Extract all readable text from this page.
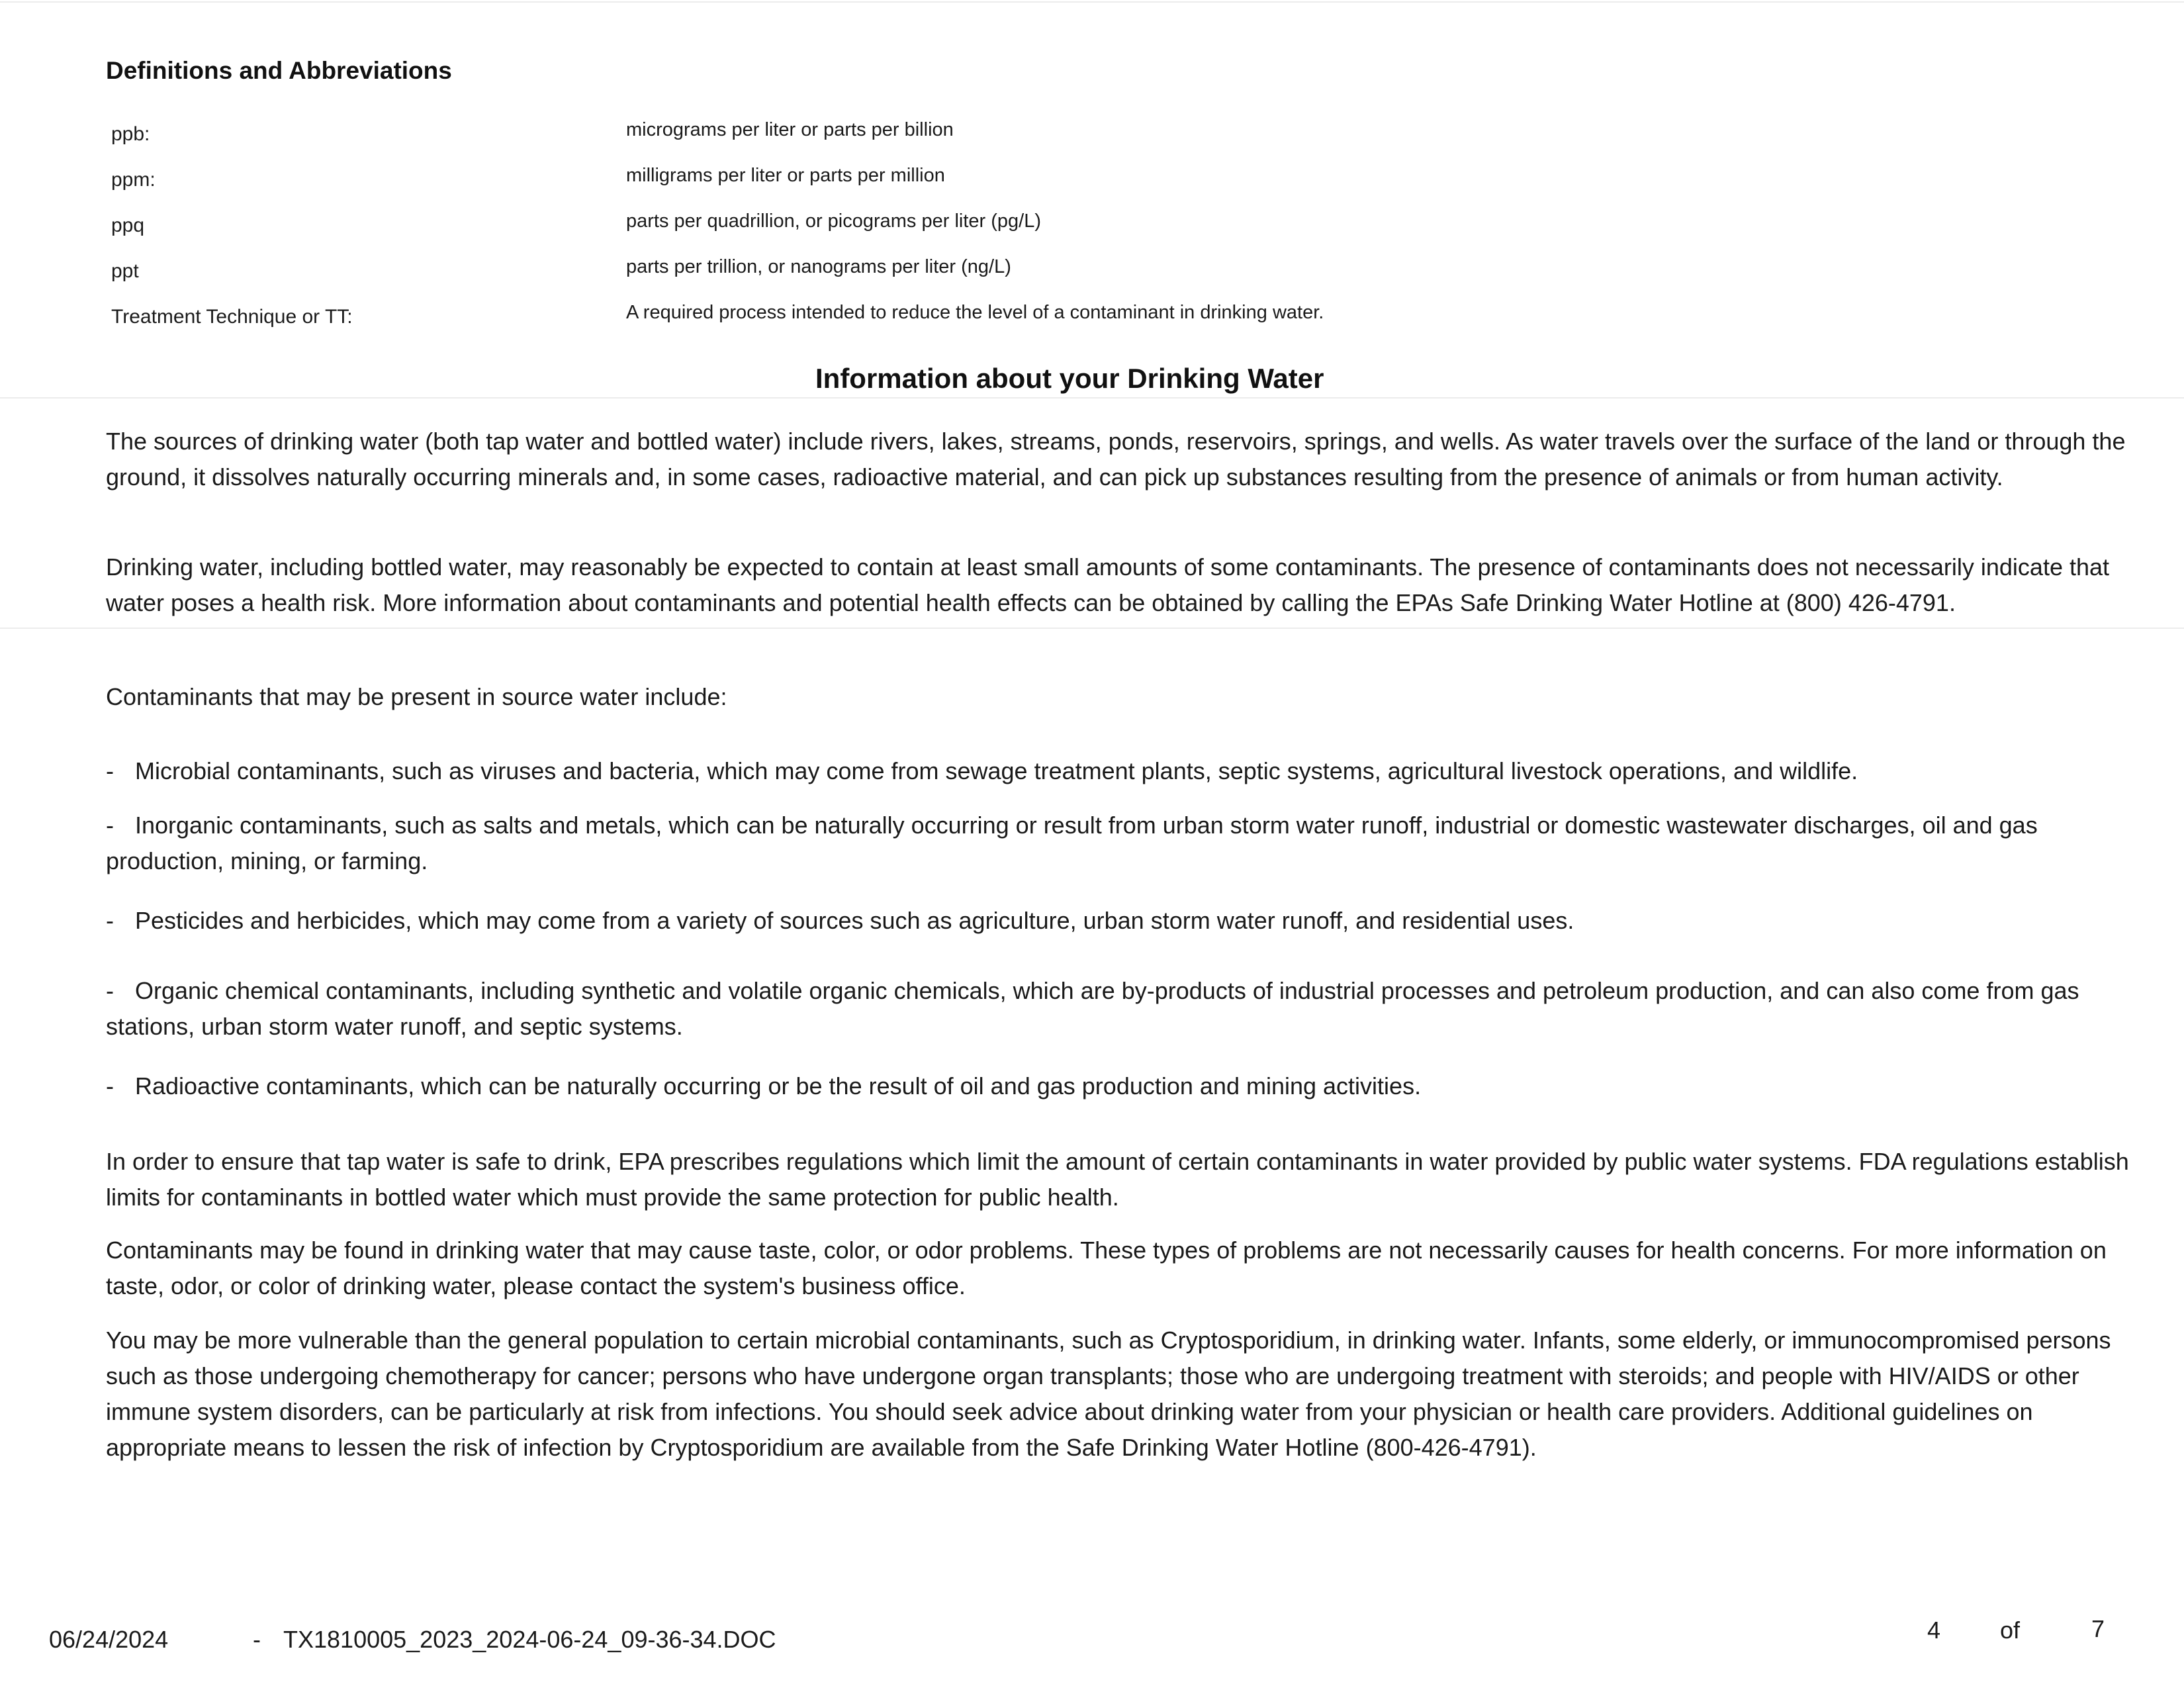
Definitions and Abbreviations
ppb:	micrograms per liter or parts per billion
ppm:	milligrams per liter or parts per million
ppq	parts per quadrillion, or picograms per liter (pg/L)
ppt	parts per trillion, or nanograms per liter (ng/L)
Treatment Technique or TT:	A required process intended to reduce the level of a contaminant in drinking water.
Information about your Drinking Water
The sources of drinking water (both tap water and bottled water) include rivers, lakes, streams, ponds, reservoirs, springs, and wells. As water travels over the surface of the land or through the ground, it dissolves naturally occurring minerals and, in some cases, radioactive material, and can pick up substances resulting from the presence of animals or from human activity.
Drinking water, including bottled water, may reasonably be expected to contain at least small amounts of some contaminants. The presence of contaminants does not necessarily indicate that water poses a health risk. More information about contaminants and potential health effects can be obtained by calling the EPAs Safe Drinking Water Hotline at (800) 426-4791.
Contaminants that may be present in source water include:
- Microbial contaminants, such as viruses and bacteria, which may come from sewage treatment plants, septic systems, agricultural livestock operations, and wildlife.
- Inorganic contaminants, such as salts and metals, which can be naturally occurring or result from urban storm water runoff, industrial or domestic wastewater discharges, oil and gas production, mining, or farming.
- Pesticides and herbicides, which may come from a variety of sources such as agriculture, urban storm water runoff, and residential uses.
- Organic chemical contaminants, including synthetic and volatile organic chemicals, which are by-products of industrial processes and petroleum production, and can also come from gas stations, urban storm water runoff, and septic systems.
- Radioactive contaminants, which can be naturally occurring or be the result of oil and gas production and mining activities.
In order to ensure that tap water is safe to drink, EPA prescribes regulations which limit the amount of certain contaminants in water provided by public water systems. FDA regulations establish limits for contaminants in bottled water which must provide the same protection for public health.
Contaminants may be found in drinking water that may cause taste, color, or odor problems. These types of problems are not necessarily causes for health concerns. For more information on taste, odor, or color of drinking water, please contact the system's business office.
You may be more vulnerable than the general population to certain microbial contaminants, such as Cryptosporidium, in drinking water. Infants, some elderly, or immunocompromised persons such as those undergoing chemotherapy for cancer; persons who have undergone organ transplants; those who are undergoing treatment with steroids; and people with HIV/AIDS or other immune system disorders, can be particularly at risk from infections. You should seek advice about drinking water from your physician or health care providers. Additional guidelines on appropriate means to lessen the risk of infection by Cryptosporidium are available from the Safe Drinking Water Hotline (800-426-4791).
06/24/2024	- TX1810005_2023_2024-06-24_09-36-34.DOC	4 of	7
